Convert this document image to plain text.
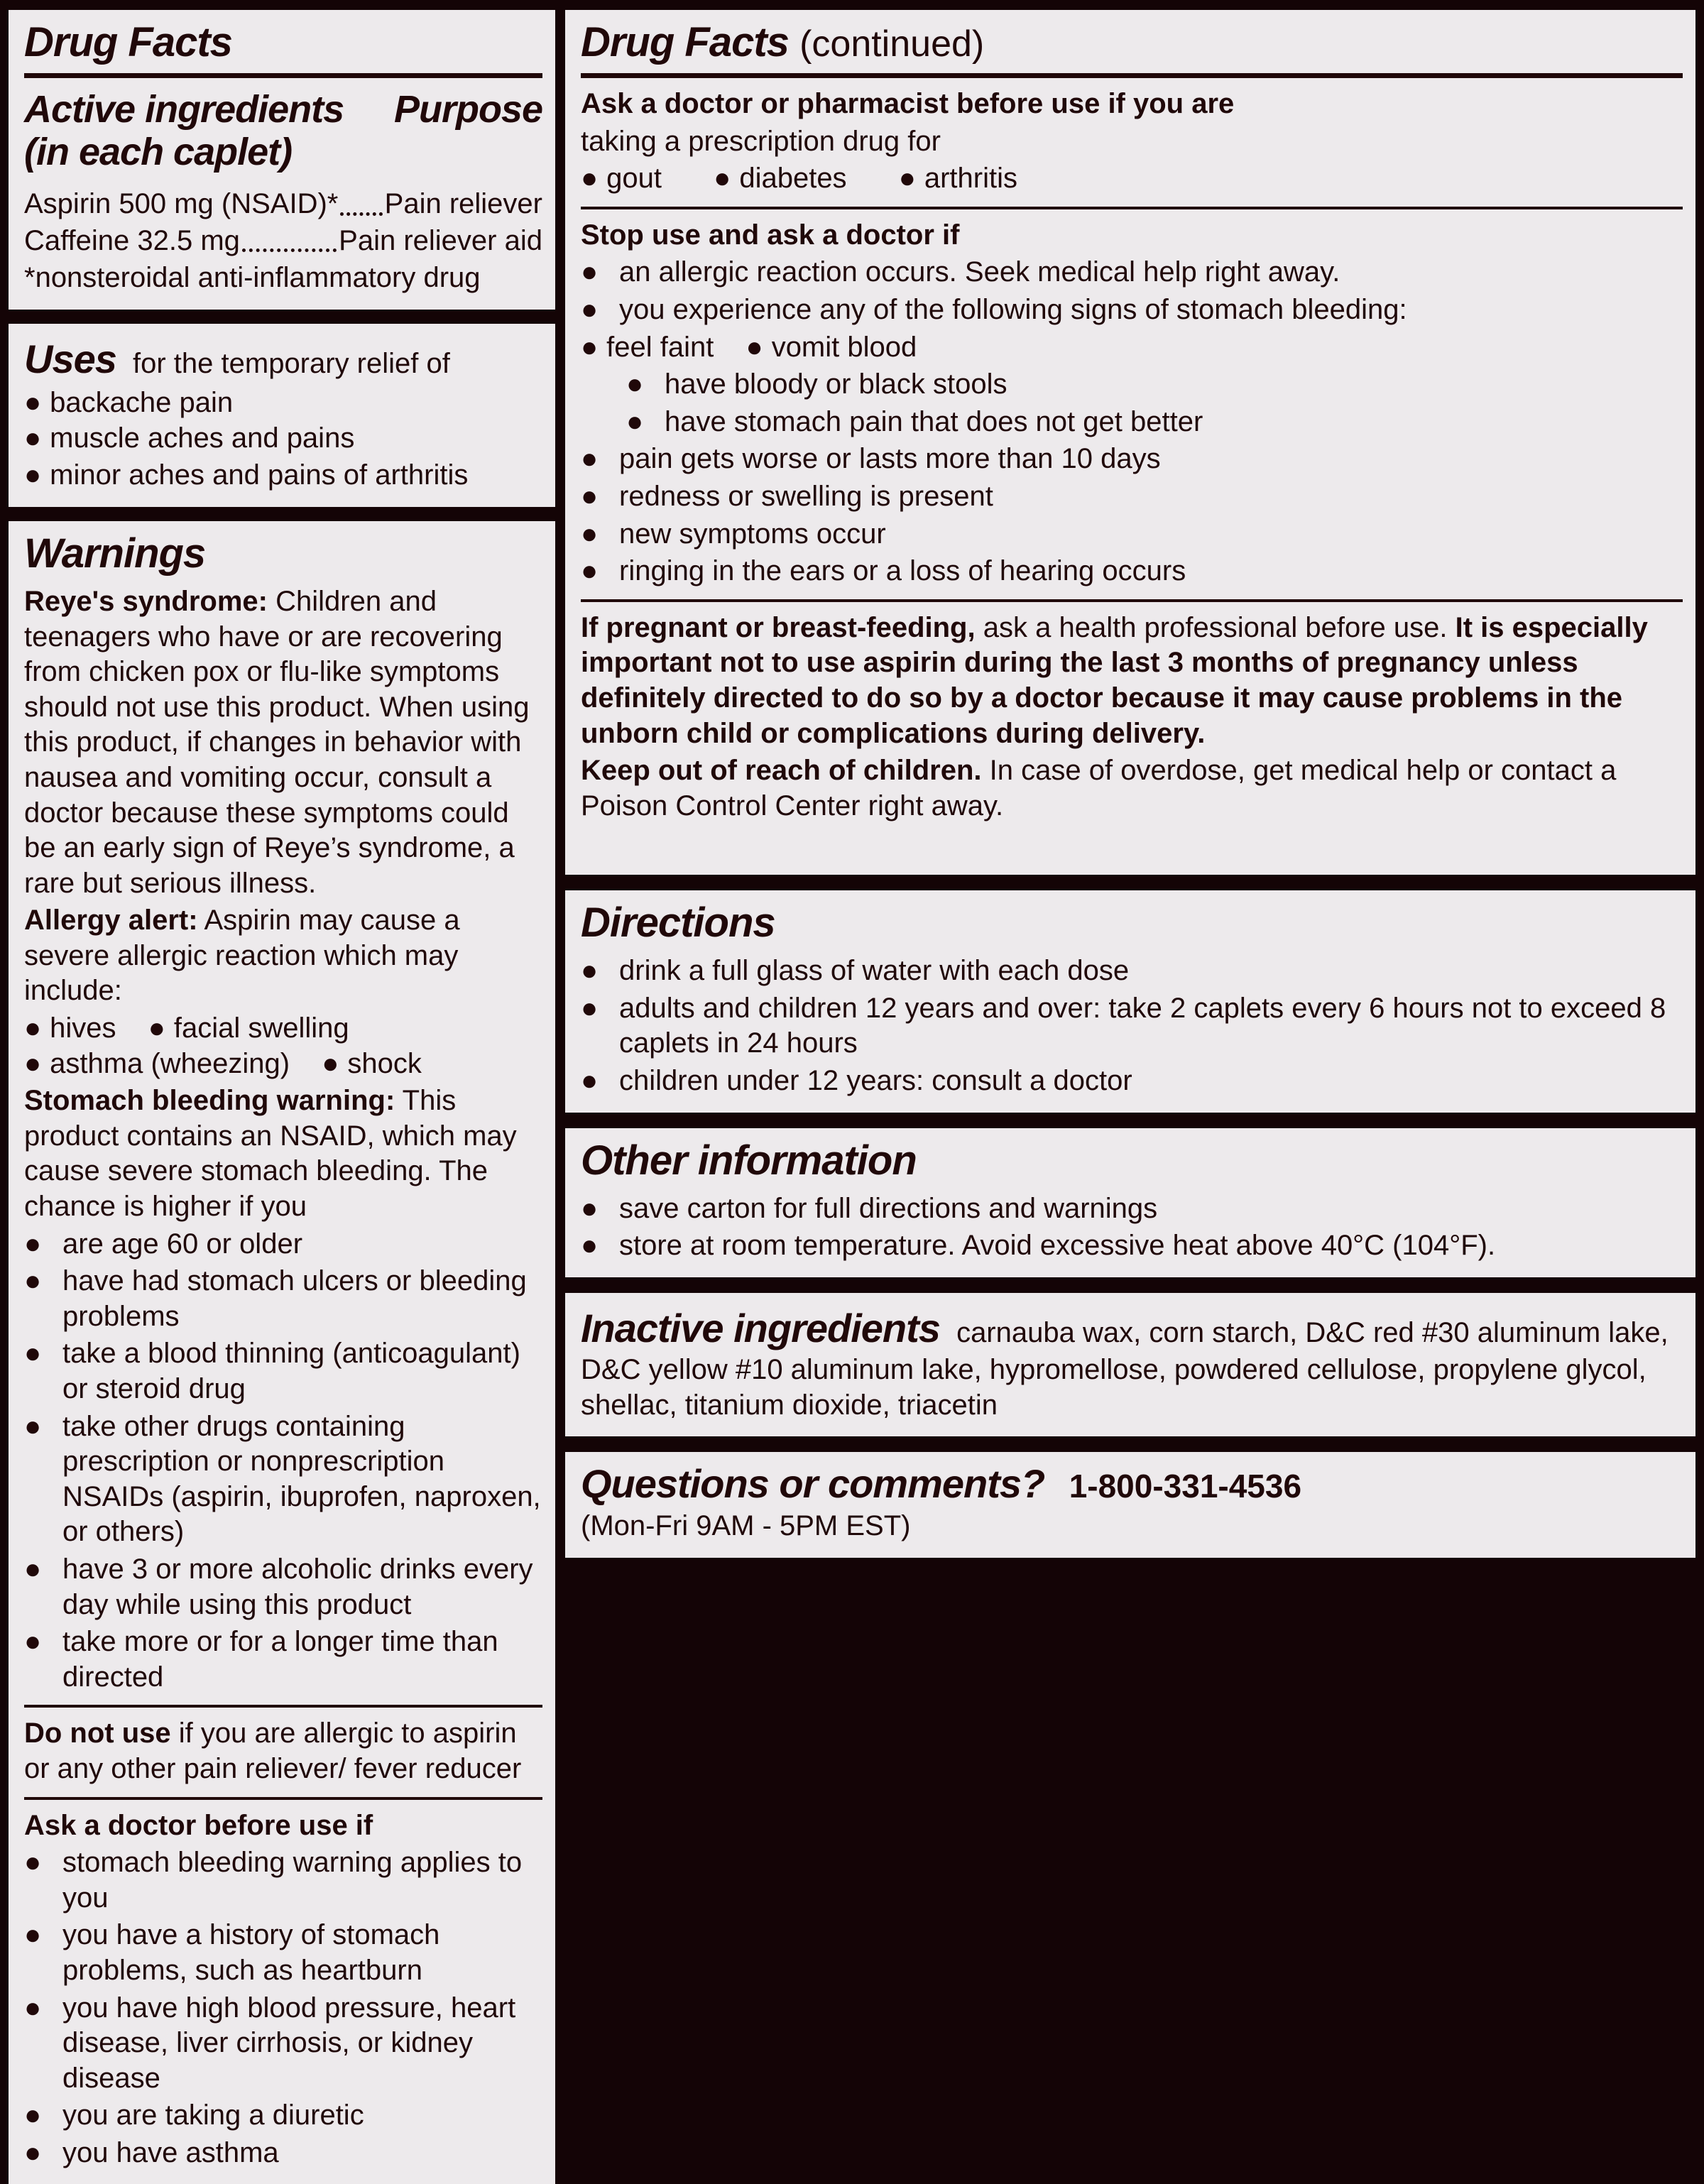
Drug Facts
Active ingredients
(in each caplet)
Purpose
Aspirin 500 mg (NSAID)* Pain reliever
Caffeine 32.5 mg	Pain reliever aid

*nonsteroidal anti-inflammatory drug

Uses for the temporary relief of

● backache pain ● muscle aches and pains

● minor aches and pains of arthritis

Warnings

Reye's syndrome: Children and teenagers who have or are recovering from chicken pox or flu-like symptoms should not use this product. When using this product, if changes in behavior with nausea and vomiting occur, consult a doctor because these symptoms could be an early sign of Reye’s syndrome, a rare but serious illness.

Allergy alert: Aspirin may cause a severe allergic reaction which may include:

● hives ● facial swelling ● asthma (wheezing) ● shock

Stomach bleeding warning: This product contains an NSAID, which may cause severe stomach bleeding. The chance is higher if you

● are age 60 or older
● have had stomach ulcers or bleeding problems
● take a blood thinning (anticoagulant) or steroid drug
● take other drugs containing prescription or nonprescription NSAIDs (aspirin, ibuprofen, naproxen, or others)
● have 3 or more alcoholic drinks every day while using this product
● take more or for a longer time than directed

Do not use if you are allergic to aspirin or any other pain reliever/ fever reducer

Ask a doctor before use if

● stomach bleeding warning applies to you
● you have a history of stomach problems, such as heartburn
● you have high blood pressure, heart disease, liver cirrhosis, or kidney disease
● you are taking a diuretic
● you have asthma
Drug Facts (continued)

Ask a doctor or pharmacist before use if you are

taking a prescription drug for

● gout ● diabetes ● arthritis

Stop use and ask a doctor if

● an allergic reaction occurs. Seek medical help right away.
● you experience any of the following signs of stomach bleeding:

● feel faint ● vomit blood

● have bloody or black stools
● have stomach pain that does not get better
● pain gets worse or lasts more than 10 days
● redness or swelling is present
● new symptoms occur
● ringing in the ears or a loss of hearing occurs

If pregnant or breast-feeding, ask a health professional before use. It is especially important not to use aspirin during the last 3 months of pregnancy unless definitely directed to do so by a doctor because it may cause problems in the unborn child or complications during delivery.

Keep out of reach of children. In case of overdose, get medical help or contact a Poison Control Center right away.

Directions
● drink a full glass of water with each dose
● adults and children 12 years and over: take 2 caplets every 6 hours not to exceed 8 caplets in 24 hours
● children under 12 years: consult a doctor
Other information
● save carton for full directions and warnings
● store at room temperature. Avoid excessive heat above 40°C (104°F).

Inactive ingredients carnauba wax, corn starch, D&C red #30 aluminum lake, D&C yellow #10 aluminum lake, hypromellose, powdered cellulose, propylene glycol, shellac, titanium dioxide, triacetin

Questions or comments? 1-800-331-4536

(Mon-Fri 9AM - 5PM EST)
